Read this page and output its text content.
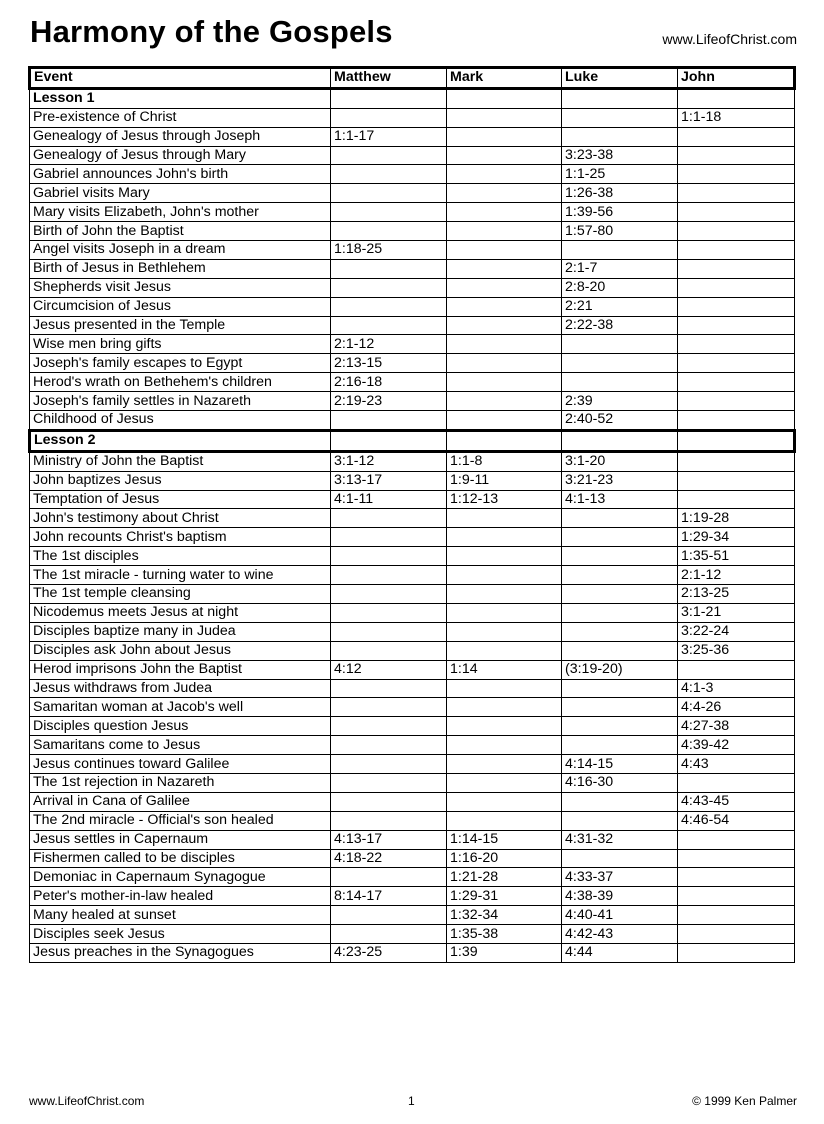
Harmony of the Gospels	www.LifeofChrist.com
Event	Matthew	Mark	Luke	John
Lesson 1				
Pre-existence of Christ				1:1-18
Genealogy of Jesus through Joseph	1:1-17			
Genealogy of Jesus through Mary			3:23-38	
Gabriel announces John's birth			1:1-25	
Gabriel visits Mary			1:26-38	
Mary visits Elizabeth, John's mother			1:39-56	
Birth of John the Baptist			1:57-80	
Angel visits Joseph in a dream	1:18-25			
Birth of Jesus in Bethlehem			2:1-7	
Shepherds visit Jesus			2:8-20	
Circumcision of Jesus			2:21	
Jesus presented in the Temple			2:22-38	
Wise men bring gifts	2:1-12			
Joseph's family escapes to Egypt	2:13-15			
Herod's wrath on Bethehem's children	2:16-18			
Joseph's family settles in Nazareth	2:19-23		2:39	
Childhood of Jesus			2:40-52	
Lesson 2				
Ministry of John the Baptist	3:1-12	1:1-8	3:1-20	
John baptizes Jesus	3:13-17	1:9-11	3:21-23	
Temptation of Jesus	4:1-11	1:12-13	4:1-13	
John's testimony about Christ				1:19-28
John recounts Christ's baptism				1:29-34
The 1st disciples				1:35-51
The 1st miracle - turning water to wine				2:1-12
The 1st temple cleansing				2:13-25
Nicodemus meets Jesus at night				3:1-21
Disciples baptize many in Judea				3:22-24
Disciples ask John about Jesus				3:25-36
Herod imprisons John the Baptist	4:12	1:14	(3:19-20)	
Jesus withdraws from Judea				4:1-3
Samaritan woman at Jacob's well				4:4-26
Disciples question Jesus				4:27-38
Samaritans come to Jesus				4:39-42
Jesus continues toward Galilee			4:14-15	4:43
The 1st rejection in Nazareth			4:16-30	
Arrival in Cana of Galilee				4:43-45
The 2nd miracle - Official's son healed				4:46-54
Jesus settles in Capernaum	4:13-17	1:14-15	4:31-32	
Fishermen called to be disciples	4:18-22	1:16-20		
Demoniac in Capernaum Synagogue		1:21-28	4:33-37	
Peter's mother-in-law healed	8:14-17	1:29-31	4:38-39	
Many healed at sunset		1:32-34	4:40-41	
Disciples seek Jesus		1:35-38	4:42-43	
Jesus preaches in the Synagogues	4:23-25	1:39	4:44	
www.LifeofChrist.com	1	© 1999 Ken Palmer
